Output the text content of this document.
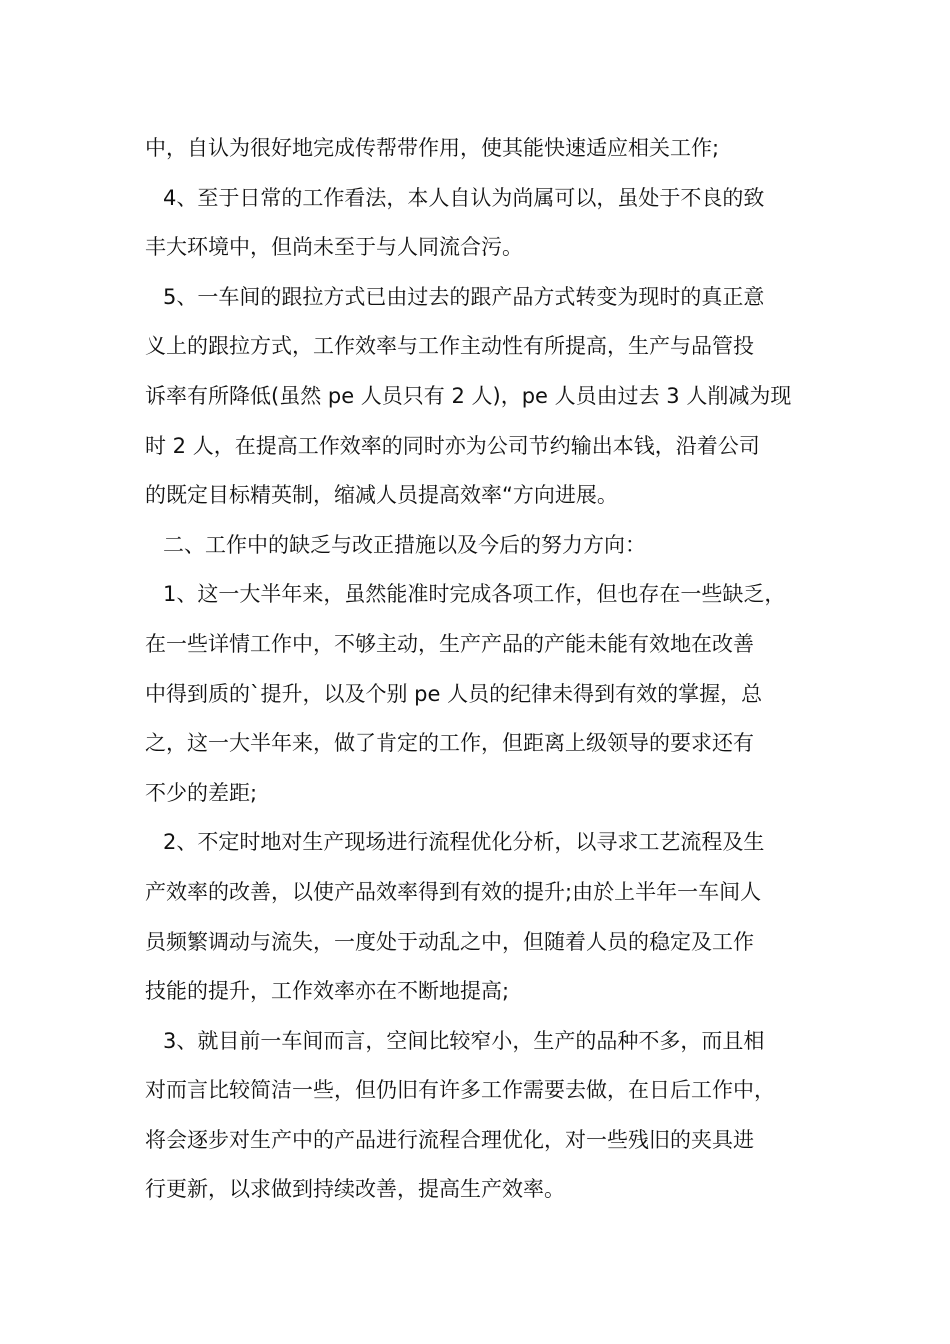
中，自认为很好地完成传帮带作用，使其能快速适应相关工作;
4、至于日常的工作看法，本人自认为尚属可以，虽处于不良的致
丰大环境中，但尚未至于与人同流合污。
5、一车间的跟拉方式已由过去的跟产品方式转变为现时的真正意
义上的跟拉方式，工作效率与工作主动性有所提高，生产与品管投
诉率有所降低(虽然 pe 人员只有 2 人)，pe 人员由过去 3 人削减为现
时 2 人，在提高工作效率的同时亦为公司节约输出本钱，沿着公司
的既定目标精英制，缩减人员提高效率“方向进展。
二、工作中的缺乏与改正措施以及今后的努力方向：
1、这一大半年来，虽然能准时完成各项工作，但也存在一些缺乏，
在一些详情工作中，不够主动，生产产品的产能未能有效地在改善
中得到质的`提升，以及个别 pe 人员的纪律未得到有效的掌握，总
之，这一大半年来，做了肯定的工作，但距离上级领导的要求还有
不少的差距;
2、不定时地对生产现场进行流程优化分析，以寻求工艺流程及生
产效率的改善，以使产品效率得到有效的提升;由於上半年一车间人
员频繁调动与流失，一度处于动乱之中，但随着人员的稳定及工作
技能的提升，工作效率亦在不断地提高;
3、就目前一车间而言，空间比较窄小，生产的品种不多，而且相
对而言比较简洁一些，但仍旧有许多工作需要去做，在日后工作中，
将会逐步对生产中的产品进行流程合理优化，对一些残旧的夹具进
行更新，以求做到持续改善，提高生产效率。
